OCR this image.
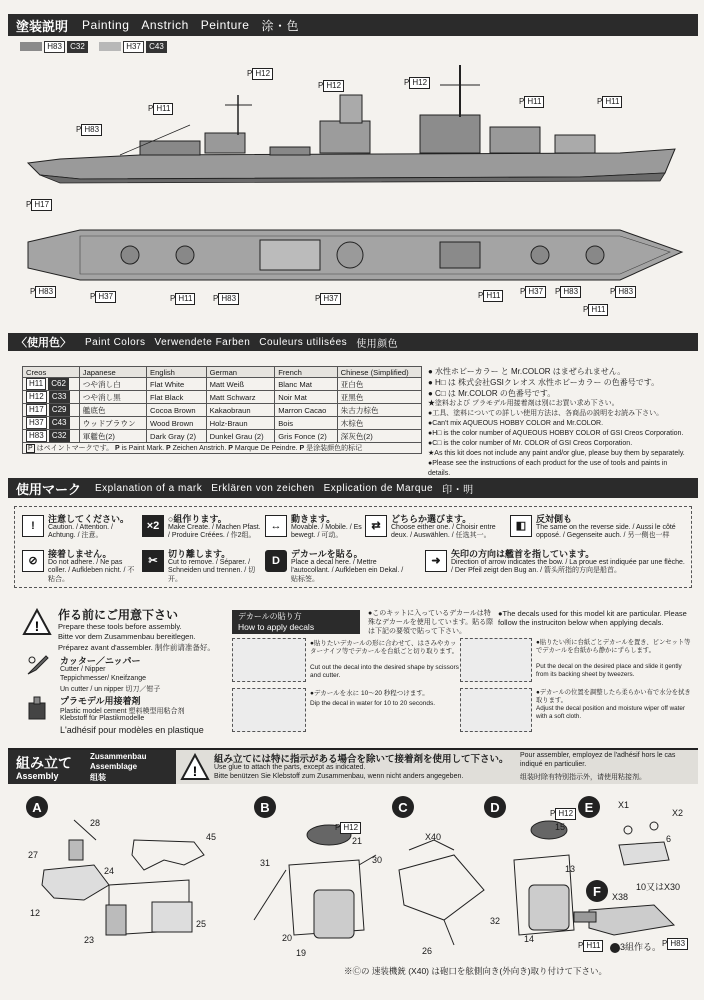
塗装説明 Painting Anstrich Peinture 涂・色
H83 C32	H37 C43
P H12
P H12	P H12
P H11
P H11
P H83
P H11
P H17
P H83
P H37	P H11	P H83	P H37	P H11	P H37	P H83	P H83
P H11
〈使用色〉 Paint Colors Verwendete Farben Couleurs utilisées 使用颜色
Creos	Japanese	English	German	French	Chinese (Simplified)
H11 C62	つや消し白	Flat White	Matt Weiß	Blanc Mat	亚白色
H12 C33	つや消し黒	Flat Black	Matt Schwarz	Noir Mat	亚黑色
H17 C29	艦底色	Cocoa Brown	Kakaobraun	Marron Cacao	朱古力棕色
H37 C43	ウッドブラウン	Wood Brown	Holz-Braun	Bois	木棕色
H83 C32	軍艦色(2)	Dark Gray (2)	Dunkel Grau (2)	Gris Fonce (2)	深灰色(2)
P はペイントマークです。 P is Paint Mark. P Zeichen Anstrich. P Marque De Peindre. P 是涂装颜色的标记					
● 水性ホビーカラー と Mr.COLOR はまぜられません。
● H□ は 株式会社GSIクレオス 水性ホビーカラー の色番号です。
● C□ は Mr.COLOR の色番号です。
★塗料および プラモデル用接着剤は別にお買い求め下さい。
●工具、塗料についての詳しい使用方法は、各商品の説明をお読み下さい。
●Can't mix AQUEOUS HOBBY COLOR and Mr.COLOR.
●H□ is the color number of AQUEOUS HOBBY COLOR of GSI Creos Corporation.
●C□ is the color number of Mr. COLOR of GSI Creos Corporation.
★As this kit does not include any paint and/or glue, please buy them by separately.
●Please see the instructions of each product for the use of tools and paints in details.
使用マーク Explanation of a mark Erklären von zeichen Explication de Marque 印・明
!
注意してください。
Caution. / Attention. / Achtung. / 注意。
×2
○組作ります。
Make Create. / Machen Pfast. / Produire Créées. / 作2组。
↔
動きます。
Movable. / Mobile. / Es bewegt. / 可动。
⇄
どちらか選びます。
Choose either one. / Choisir entre deux. / Auswählen. / 任选其一。
◧
反対側も
The same on the reverse side. / Aussi le côté opposé. / Gegenseite auch. / 另一侧也一样
⊘
接着しません。
Do not adhere. / Ne pas coller. / Aufkleben nicht. / 不粘合。
✂
切り離します。
Cut to remove. / Séparer. / Schneiden und trennen. / 切开。
D
デカールを貼る。
Place a decal here. / Mettre l'autocollant. / Aufkleben ein Dekal. / 贴标签。
➜
矢印の方向は艦首を指しています。
Direction of arrow indicates the bow. / La proue est indiquée par une flèche. / Der Pfeil zeigt den Bug an. / 箭头所指的方向是船首。
!
作る前にご用意下さい
Prepare these tools before assembly.
Bitte vor dem Zusammenbau bereitlegen.
Préparez avant d'assembler. 制作前请准备好。
カッター／ニッパー
Cutter / Nipper
Teppichmesser/ Kneifzange
Un cutter / un nipper 切刀／钳子
プラモデル用接着剤
Plastic model cement 塑料模型用粘合剂
Klebstoff für Plastikmodelle
L'adhésif pour modèles en plastique
デカールの貼り方
How to apply decals
●このキットに入っているデカールは特殊なデカールを使用しています。貼る際は下記の要領で貼って下さい。
●The decals used for this model kit are particular. Please follow the instruciton below when applying decals.
●貼りたいデカールの形に合わせて、はさみやカッターナイフ等でデカールを台紙ごと切り取ります。
Cut out the decal into the desired shape by scissors and cutter.
●デカールを水に 10～20 秒程つけます。
Dip the decal in water for 10 to 20 seconds.
●貼りたい所に台紙ごとデカールを置き、ピンセット等でデカールを台紙から静かにずらします。
Put the decal on the desired place and slide it gently from its backing sheet by tweezers.
●デカールの位置を調整したら柔らかい布で水分を拭き取ります。
Adjust the decal position and moisture wiper off water with a soft cloth.
組み立て
Assembly
Zusammenbau
Assemblage
组装	!
組み立てには特に指示がある場合を除いて接着剤を使用して下さい。
Use glue to attach the parts, except as indicated.
Bitte benützen Sie Klebstoff zum Zusammenbau, wenn nicht anders angegeben.
Pour assembler, employez de l'adhésif hors le cas indiqué en particulier.
组装时除有特别指示外，请使用粘接剂。
A	B	C	D	E
F
28
27
45
24
12
25
23
P H12
21
31	30
20
19
X40
26
P H12
15
13
32
14
X1
X2
6
10又はX30
X38
P H11	3組作る。 P H83
※Ⓒの 速装機銃 (X40) は砲口を舷側向き(外向き)取り付けて下さい。
